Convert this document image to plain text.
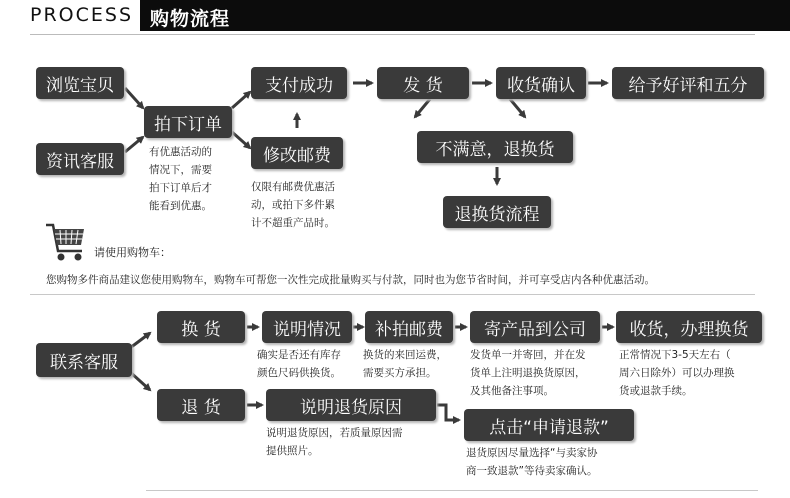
PROCESS 购物流程
浏览宝贝
资讯客服
拍下订单
支付成功
修改邮费
发 货	收货确认	给予好评和五分
不满意，退换货
退换货流程
有优惠活动的
情况下，需要
拍下订单后才
能看到优惠。
仅限有邮费优惠活
动，或拍下多件累
计不超重产品时。
请使用购物车：
您购物多件商品建议您使用购物车，购物车可帮您一次性完成批量购买与付款，同时也为您节省时间，并可享受店内各种优惠活动。
联系客服
换 货
退 货
说明情况	补拍邮费	寄产品到公司	收货，办理换货
说明退货原因
点击“申请退款”
确实是否还有库存
颜色尺码供换货。
换货的来回运费，
需要买方承担。
发货单一并寄回，并在发
货单上注明退换货原因，
及其他备注事项。
正常情况下3-5天左右（
周六日除外）可以办理换
货或退款手续。
说明退货原因，若质量原因需
提供照片。	退货原因尽量选择“与卖家协
商一致退款”等待卖家确认。
